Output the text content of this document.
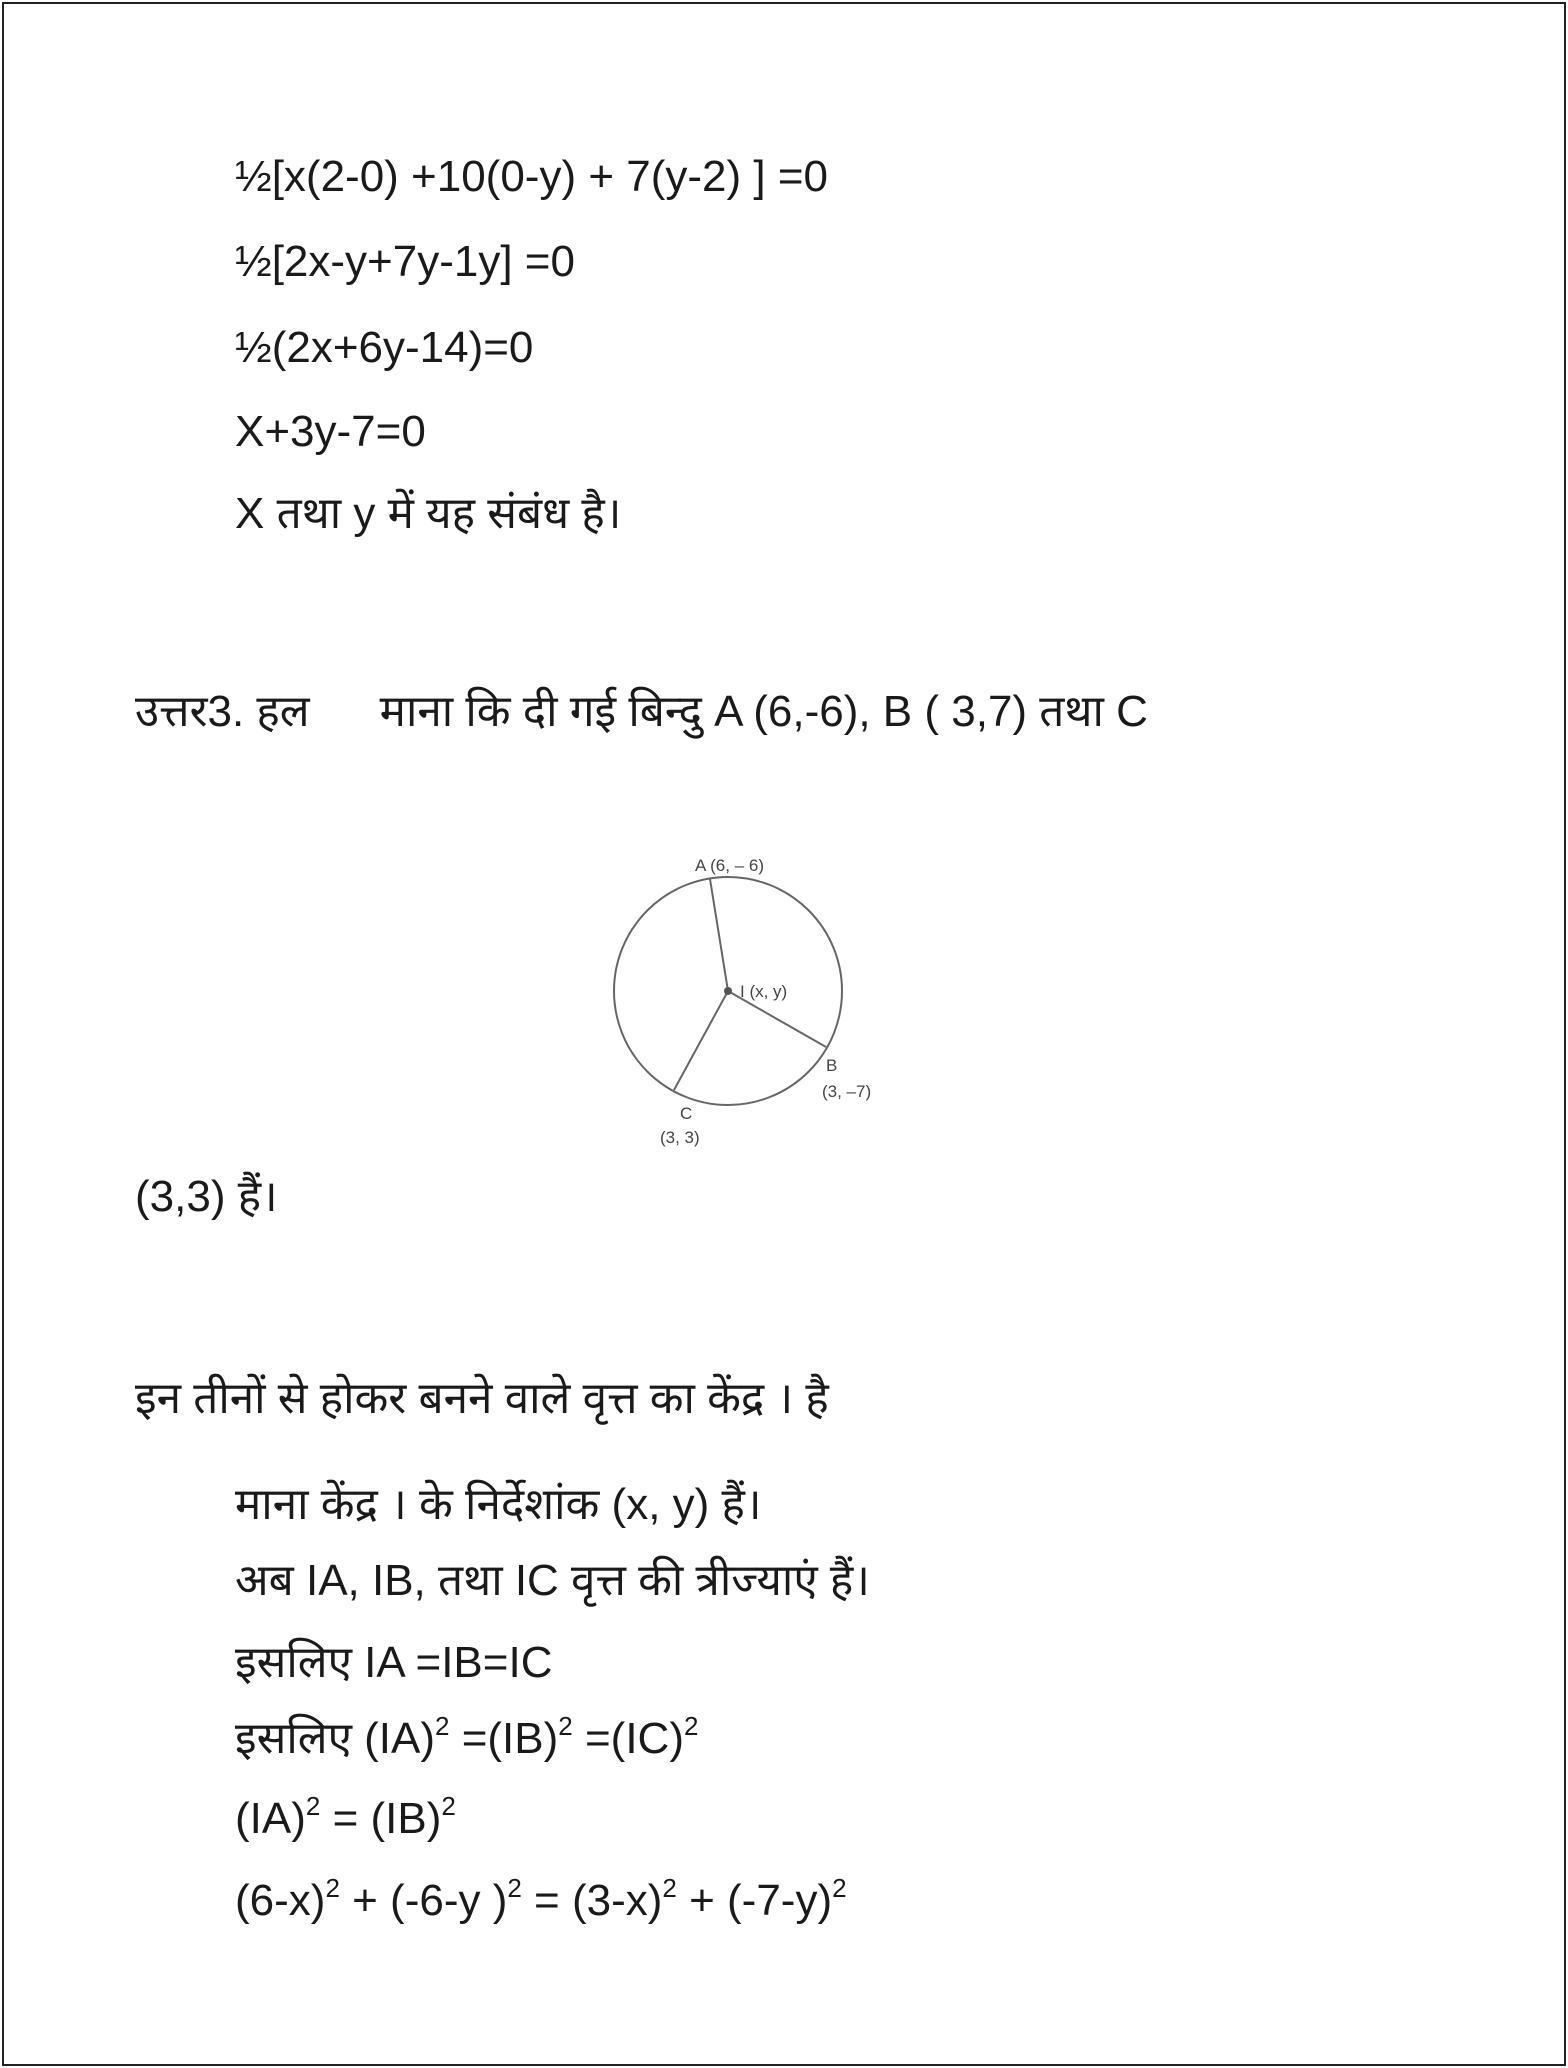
½[x(2-0) +10(0-y) + 7(y-2) ] =0
½[2x-y+7y-1y] =0
½(2x+6y-14)=0
X+3y-7=0
X तथा y में यह संबंध है।
उत्तर3. हल माना कि दी गई बिन्दु A (6,-6), B ( 3,7) तथा C
A (6, – 6)
I (x, y)
B
(3, –7)
C
(3, 3)
(3,3) हैं।
इन तीनों से होकर बनने वाले वृत्त का केंद्र । है
माना केंद्र । के निर्देशांक (x, y) हैं।
अब IA, IB, तथा IC वृत्त की त्रीज्याएं हैं।
इसलिए IA =IB=IC
इसलिए (IA)$^2$ =(IB)$^2$ =(IC)$^2$
(IA)$^2$ = (IB)$^2$
$(6-x)^2 + (-6-y$ )$^2 = (3-x)^2 + (-7-y)^2$
